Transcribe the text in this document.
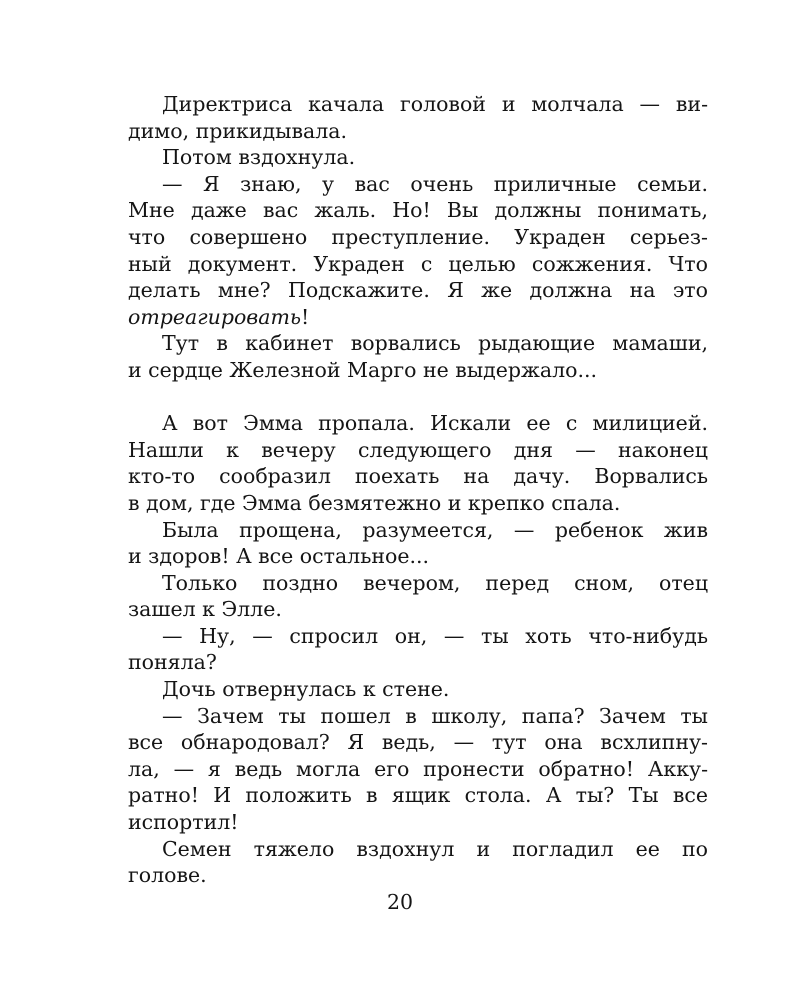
Директриса качала головой и молчала — ви-
димо, прикидывала.
Потом вздохнула.
— Я знаю, у вас очень приличные семьи.
Мне даже вас жаль. Но! Вы должны понимать,
что совершено преступление. Украден серьез-
ный документ. Украден с целью сожжения. Что
делать мне? Подскажите. Я же должна на это
отреагировать!
Тут в кабинет ворвались рыдающие мамаши,
и сердце Железной Марго не выдержало...
А вот Эмма пропала. Искали ее с милицией.
Нашли к вечеру следующего дня — наконец
кто-то сообразил поехать на дачу. Ворвались
в дом, где Эмма безмятежно и крепко спала.
Была прощена, разумеется, — ребенок жив
и здоров! А все остальное...
Только поздно вечером, перед сном, отец
зашел к Элле.
— Ну, — спросил он, — ты хоть что-нибудь
поняла?
Дочь отвернулась к стене.
— Зачем ты пошел в школу, папа? Зачем ты
все обнародовал? Я ведь, — тут она всхлипну-
ла, — я ведь могла его пронести обратно! Акку-
ратно! И положить в ящик стола. А ты? Ты все
испортил!
Семен тяжело вздохнул и погладил ее по
голове.
20
